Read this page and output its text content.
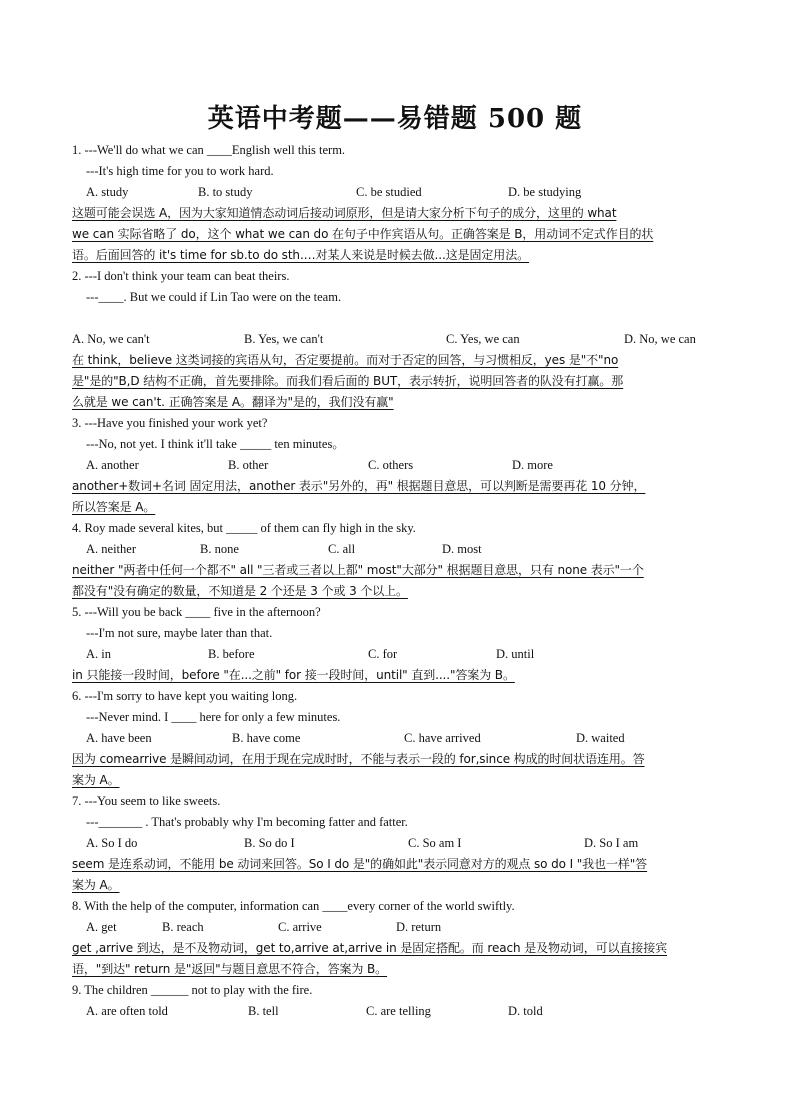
英语中考题——易错题 500 题
1. ---We'll do what we can ____English well this term.
---It's high time for you to work hard.
A. study	B. to study	C. be studied	D. be studying
这题可能会误选 A，因为大家知道情态动词后接动词原形，但是请大家分析下句子的成分，这里的 what
we can 实际省略了 do，这个 what we can do 在句子中作宾语从句。正确答案是 B，用动词不定式作目的状
语。后面回答的 it's time for sb.to do sth.…对某人来说是时候去做...这是固定用法。
2. ---I don't think your team can beat theirs.
---____. But we could if Lin Tao were on the team.
A. No, we can't	B. Yes, we can't	C. Yes, we can	D. No, we can
在 think，believe 这类词接的宾语从句，否定要提前。而对于否定的回答，与习惯相反，yes 是"不"no
是"是的"B,D 结构不正确，首先要排除。而我们看后面的 BUT，表示转折，说明回答者的队没有打赢。那
么就是 we can't. 正确答案是 A。翻译为"是的，我们没有赢"
3. ---Have you finished your work yet?
---No, not yet. I think it'll take _____ ten minutes。
A. another	B. other	C. others	D. more
another+数词+名词 固定用法，another 表示"另外的，再" 根据题目意思，可以判断是需要再花 10 分钟，
所以答案是 A。
4. Roy made several kites, but _____ of them can fly high in the sky.
A. neither	B. none	C. all	D. most
neither "两者中任何一个都不" all "三者或三者以上都" most"大部分" 根据题目意思，只有 none 表示"一个
都没有"没有确定的数量，不知道是 2 个还是 3 个或 3 个以上。
5. ---Will you be back ____ five in the afternoon?
---I'm not sure, maybe later than that.
A. in	B. before	C. for	D. until
in 只能接一段时间，before "在...之前" for 接一段时间，until" 直到...."答案为 B。
6. ---I'm sorry to have kept you waiting long.
---Never mind. I ____ here for only a few minutes.
A. have been	B. have come	C. have arrived	D. waited
因为 comearrive 是瞬间动词，在用于现在完成时时，不能与表示一段的 for,since 构成的时间状语连用。答
案为 A。
7. ---You seem to like sweets.
---_______ . That's probably why I'm becoming fatter and fatter.
A. So I do	B. So do I	C. So am I	D. So I am
seem 是连系动词，不能用 be 动词来回答。So I do 是"的确如此"表示同意对方的观点 so do I "我也一样"答
案为 A。
8. With the help of the computer, information can ____every corner of the world swiftly.
A. get	B. reach	C. arrive	D. return
get ,arrive 到达，是不及物动词，get to,arrive at,arrive in 是固定搭配。而 reach 是及物动词，可以直接接宾
语，"到达" return 是"返回"与题目意思不符合，答案为 B。
9. The children ______ not to play with the fire.
A. are often told	B. tell	C. are telling	D. told
